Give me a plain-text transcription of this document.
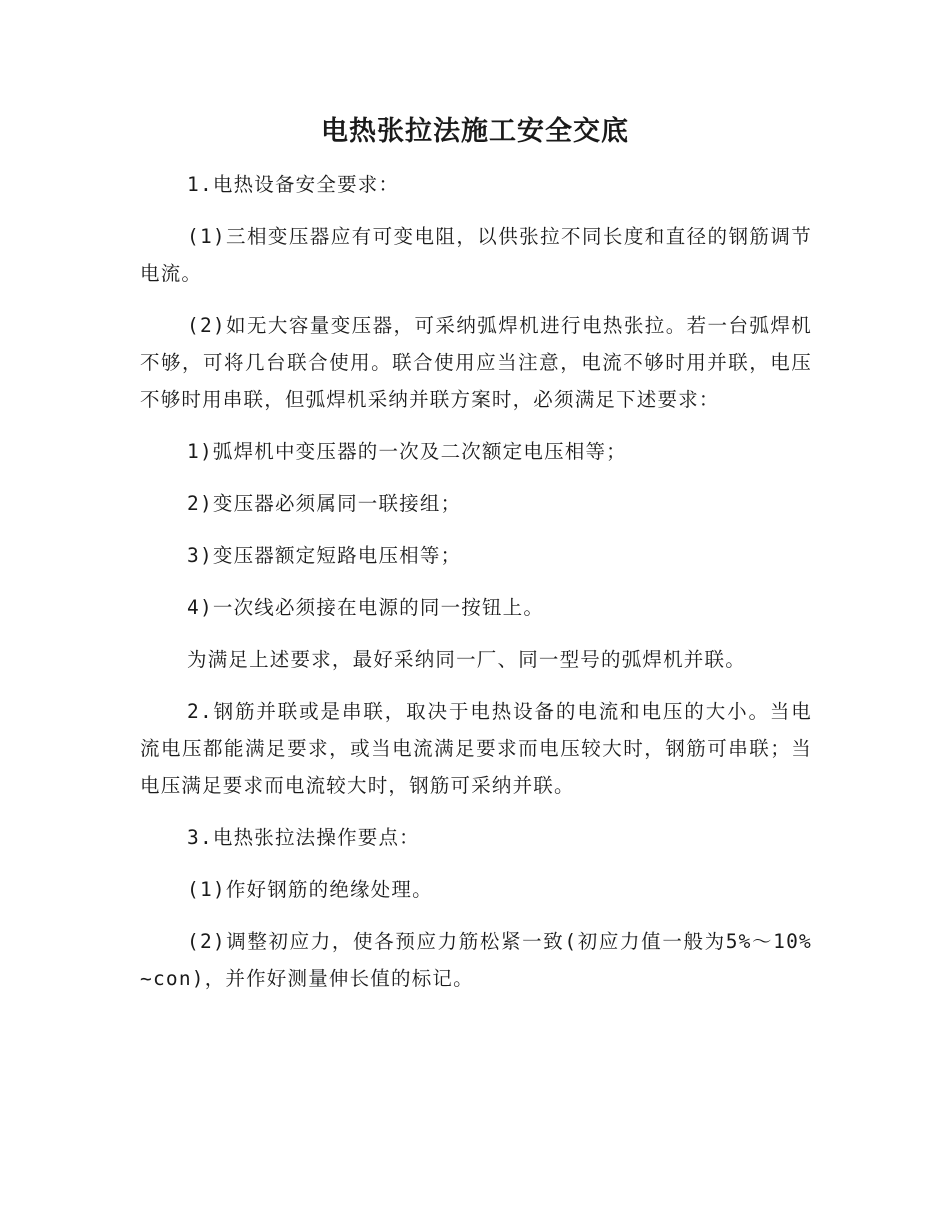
电热张拉法施工安全交底

1.电热设备安全要求：

(1)三相变压器应有可变电阻，以供张拉不同长度和直径的钢筋调节电流。

(2)如无大容量变压器，可采纳弧焊机进行电热张拉。若一台弧焊机不够，可将几台联合使用。联合使用应当注意，电流不够时用并联，电压不够时用串联，但弧焊机采纳并联方案时，必须满足下述要求：

1)弧焊机中变压器的一次及二次额定电压相等；

2)变压器必须属同一联接组；

3)变压器额定短路电压相等；

4)一次线必须接在电源的同一按钮上。

为满足上述要求，最好采纳同一厂、同一型号的弧焊机并联。

2.钢筋并联或是串联，取决于电热设备的电流和电压的大小。当电流电压都能满足要求，或当电流满足要求而电压较大时，钢筋可串联；当电压满足要求而电流较大时，钢筋可采纳并联。

3.电热张拉法操作要点：

(1)作好钢筋的绝缘处理。

(2)调整初应力，使各预应力筋松紧一致(初应力值一般为5%～10%~con)，并作好测量伸长值的标记。
